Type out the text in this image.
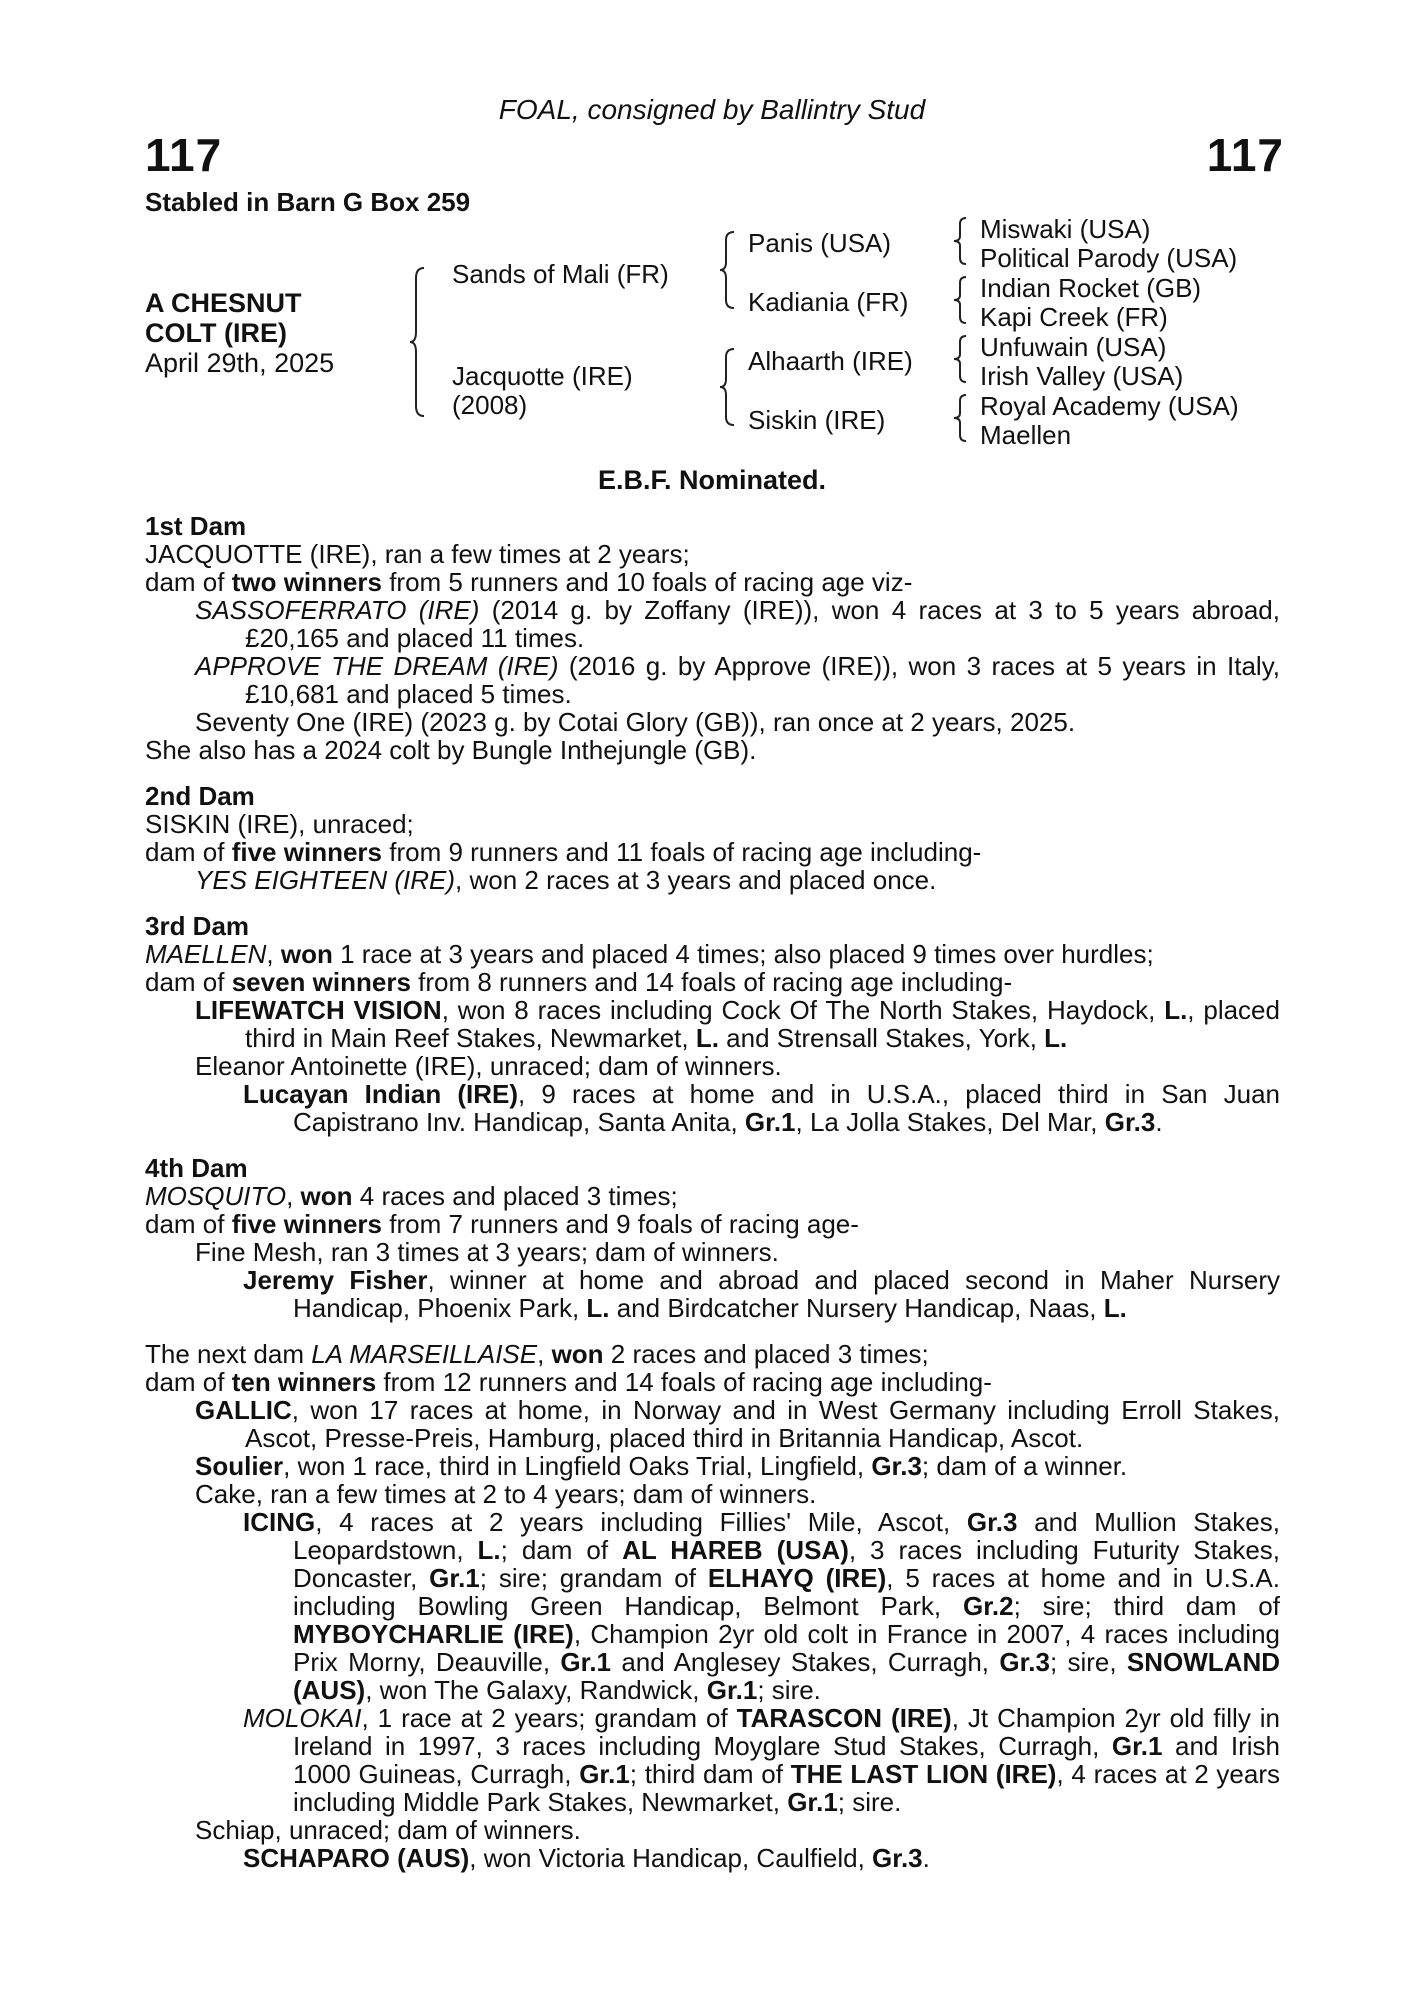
FOAL, consigned by Ballintry Stud
117	117
Stabled in Barn G Box 259
A CHESNUT
COLT (IRE)
April 29th, 2025
Sands of Mali (FR)
Jacquotte (IRE)
(2008)
Panis (USA)
Kadiania (FR)
Alhaarth (IRE)
Siskin (IRE)
Miswaki (USA)
Political Parody (USA)
Indian Rocket (GB)
Kapi Creek (FR)
Unfuwain (USA)
Irish Valley (USA)
Royal Academy (USA)
Maellen
E.B.F. Nominated.

1st Dam

JACQUOTTE (IRE), ran a few times at 2 years;

dam of two winners from 5 runners and 10 foals of racing age viz-

SASSOFERRATO (IRE) (2014 g. by Zoffany (IRE)), won 4 races at 3 to 5 years abroad, £20,165 and placed 11 times.

APPROVE THE DREAM (IRE) (2016 g. by Approve (IRE)), won 3 races at 5 years in Italy, £10,681 and placed 5 times.

Seventy One (IRE) (2023 g. by Cotai Glory (GB)), ran once at 2 years, 2025.

She also has a 2024 colt by Bungle Inthejungle (GB).

2nd Dam

SISKIN (IRE), unraced;

dam of five winners from 9 runners and 11 foals of racing age including-

YES EIGHTEEN (IRE), won 2 races at 3 years and placed once.

3rd Dam

MAELLEN, won 1 race at 3 years and placed 4 times; also placed 9 times over hurdles;

dam of seven winners from 8 runners and 14 foals of racing age including-

LIFEWATCH VISION, won 8 races including Cock Of The North Stakes, Haydock, L., placed third in Main Reef Stakes, Newmarket, L. and Strensall Stakes, York, L.

Eleanor Antoinette (IRE), unraced; dam of winners.

Lucayan Indian (IRE), 9 races at home and in U.S.A., placed third in San Juan Capistrano Inv. Handicap, Santa Anita, Gr.1, La Jolla Stakes, Del Mar, Gr.3.

4th Dam

MOSQUITO, won 4 races and placed 3 times;

dam of five winners from 7 runners and 9 foals of racing age-

Fine Mesh, ran 3 times at 3 years; dam of winners.

Jeremy Fisher, winner at home and abroad and placed second in Maher Nursery Handicap, Phoenix Park, L. and Birdcatcher Nursery Handicap, Naas, L.

The next dam LA MARSEILLAISE, won 2 races and placed 3 times;

dam of ten winners from 12 runners and 14 foals of racing age including-

GALLIC, won 17 races at home, in Norway and in West Germany including Erroll Stakes, Ascot, Presse-Preis, Hamburg, placed third in Britannia Handicap, Ascot.

Soulier, won 1 race, third in Lingfield Oaks Trial, Lingfield, Gr.3; dam of a winner.

Cake, ran a few times at 2 to 4 years; dam of winners.

ICING, 4 races at 2 years including Fillies' Mile, Ascot, Gr.3 and Mullion Stakes, Leopardstown, L.; dam of AL HAREB (USA), 3 races including Futurity Stakes, Doncaster, Gr.1; sire; grandam of ELHAYQ (IRE), 5 races at home and in U.S.A. including Bowling Green Handicap, Belmont Park, Gr.2; sire; third dam of MYBOYCHARLIE (IRE), Champion 2yr old colt in France in 2007, 4 races including Prix Morny, Deauville, Gr.1 and Anglesey Stakes, Curragh, Gr.3; sire, SNOWLAND (AUS), won The Galaxy, Randwick, Gr.1; sire.

MOLOKAI, 1 race at 2 years; grandam of TARASCON (IRE), Jt Champion 2yr old filly in Ireland in 1997, 3 races including Moyglare Stud Stakes, Curragh, Gr.1 and Irish 1000 Guineas, Curragh, Gr.1; third dam of THE LAST LION (IRE), 4 races at 2 years including Middle Park Stakes, Newmarket, Gr.1; sire.

Schiap, unraced; dam of winners.

SCHAPARO (AUS), won Victoria Handicap, Caulfield, Gr.3.
